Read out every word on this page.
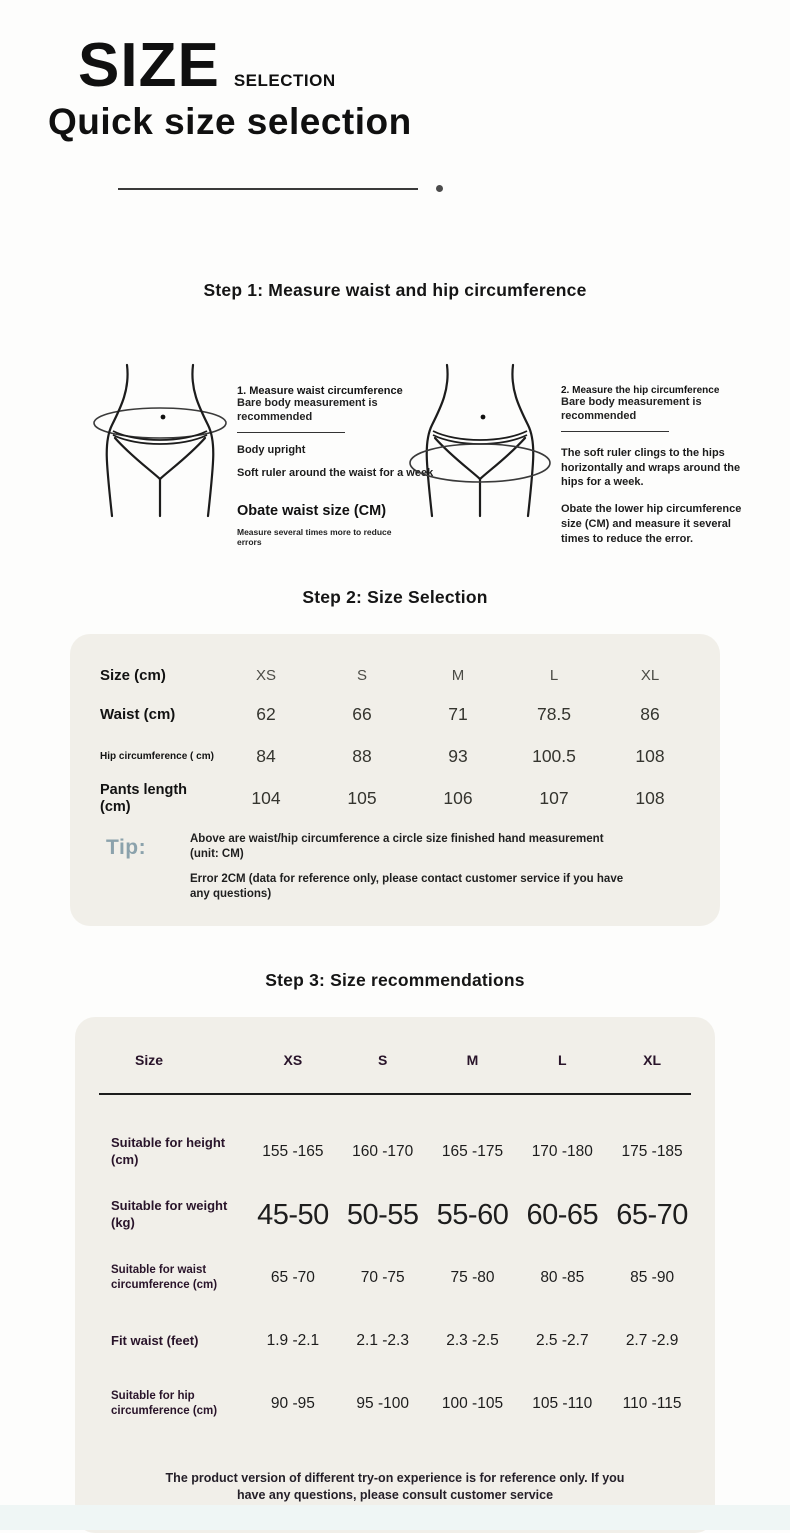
SIZE SELECTION
Quick size selection
Step 1: Measure waist and hip circumference
1. Measure waist circumference
Bare body measurement is recommended
Body upright
Soft ruler around the waist for a week
Obate waist size (CM)
Measure several times more to reduce errors
2. Measure the hip circumference
Bare body measurement is recommended
The soft ruler clings to the hips horizontally and wraps around the hips for a week.
Obate the lower hip circumference size (CM) and measure it several times to reduce the error.
Step 2: Size Selection
Size (cm)	XS	S	M	L	XL
Waist (cm)	62	66	71	78.5	86
Hip circumference ( cm)	84	88	93	100.5	108
Pants length (cm)	104	105	106	107	108
Tip:	Above are waist/hip circumference a circle size finished hand measurement (unit: CM)

Error 2CM (data for reference only, please contact customer service if you have any questions)

Step 3: Size recommendations
Size	XS	S	M	L	XL
Suitable for height (cm)	155 -165	160 -170	165 -175	170 -180	175 -185
Suitable for weight (kg)	45-50 50-55 55-60 60-65 65-70
Suitable for waist circumference (cm)	65 -70	70 -75	75 -80	80 -85	85 -90
Fit waist (feet)	1.9 -2.1	2.1 -2.3	2.3 -2.5	2.5 -2.7	2.7 -2.9
Suitable for hip circumference (cm)	90 -95	95 -100	100 -105	105 -110	110 -115

The product version of different try-on experience is for reference only. If you have any questions, please consult customer service
